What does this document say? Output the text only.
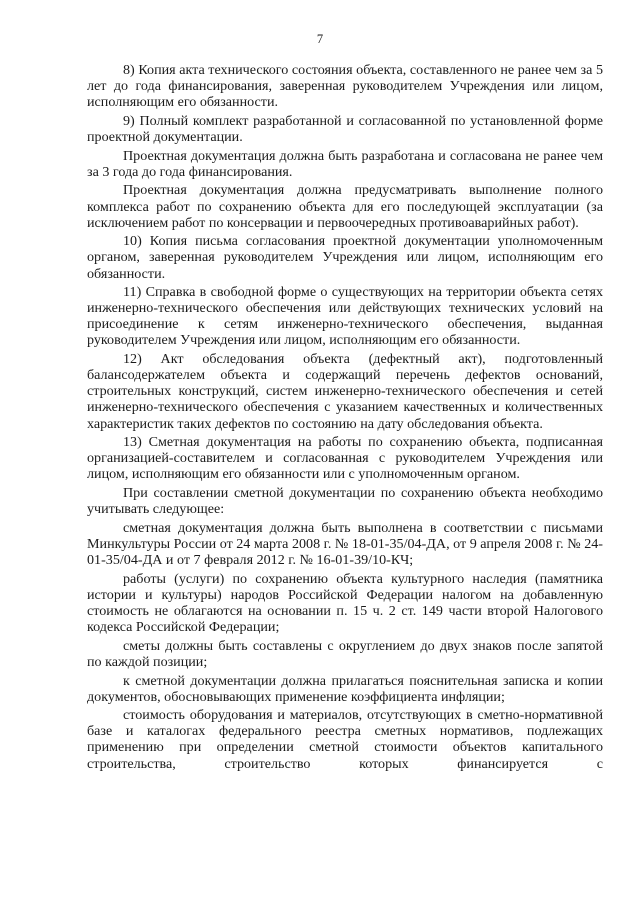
7

8) Копия акта технического состояния объекта, составленного не ранее чем за 5 лет до года финансирования, заверенная руководителем Учреждения или лицом, исполняющим его обязанности.

9) Полный комплект разработанной и согласованной по установленной форме проектной документации.

Проектная документация должна быть разработана и согласована не ранее чем за 3 года до года финансирования.

Проектная документация должна предусматривать выполнение полного комплекса работ по сохранению объекта для его последующей эксплуатации (за исключением работ по консервации и первоочередных противоаварийных работ).

10) Копия письма согласования проектной документации уполномоченным органом, заверенная руководителем Учреждения или лицом, исполняющим его обязанности.

11) Справка в свободной форме о существующих на территории объекта сетях инженерно-технического обеспечения или действующих технических условий на присоединение к сетям инженерно-технического обеспечения, выданная руководителем Учреждения или лицом, исполняющим его обязанности.

12) Акт обследования объекта (дефектный акт), подготовленный балансодержателем объекта и содержащий перечень дефектов оснований, строительных конструкций, систем инженерно-технического обеспечения и сетей инженерно-технического обеспечения с указанием качественных и количественных характеристик таких дефектов по состоянию на дату обследования объекта.

13) Сметная документация на работы по сохранению объекта, подписанная организацией-составителем и согласованная с руководителем Учреждения или лицом, исполняющим его обязанности или с уполномоченным органом.

При составлении сметной документации по сохранению объекта необходимо учитывать следующее:

сметная документация должна быть выполнена в соответствии с письмами Минкультуры России от 24 марта 2008 г. № 18-01-35/04-ДА, от 9 апреля 2008 г. № 24-01-35/04-ДА и от 7 февраля 2012 г. № 16-01-39/10-КЧ;

работы (услуги) по сохранению объекта культурного наследия (памятника истории и культуры) народов Российской Федерации налогом на добавленную стоимость не облагаются на основании п. 15 ч. 2 ст. 149 части второй Налогового кодекса Российской Федерации;

сметы должны быть составлены с округлением до двух знаков после запятой по каждой позиции;

к сметной документации должна прилагаться пояснительная записка и копии документов, обосновывающих применение коэффициента инфляции;

стоимость оборудования и материалов, отсутствующих в сметно-нормативной базе и каталогах федерального реестра сметных нормативов, подлежащих применению при определении сметной стоимости объектов капитального строительства, строительство которых финансируется с
